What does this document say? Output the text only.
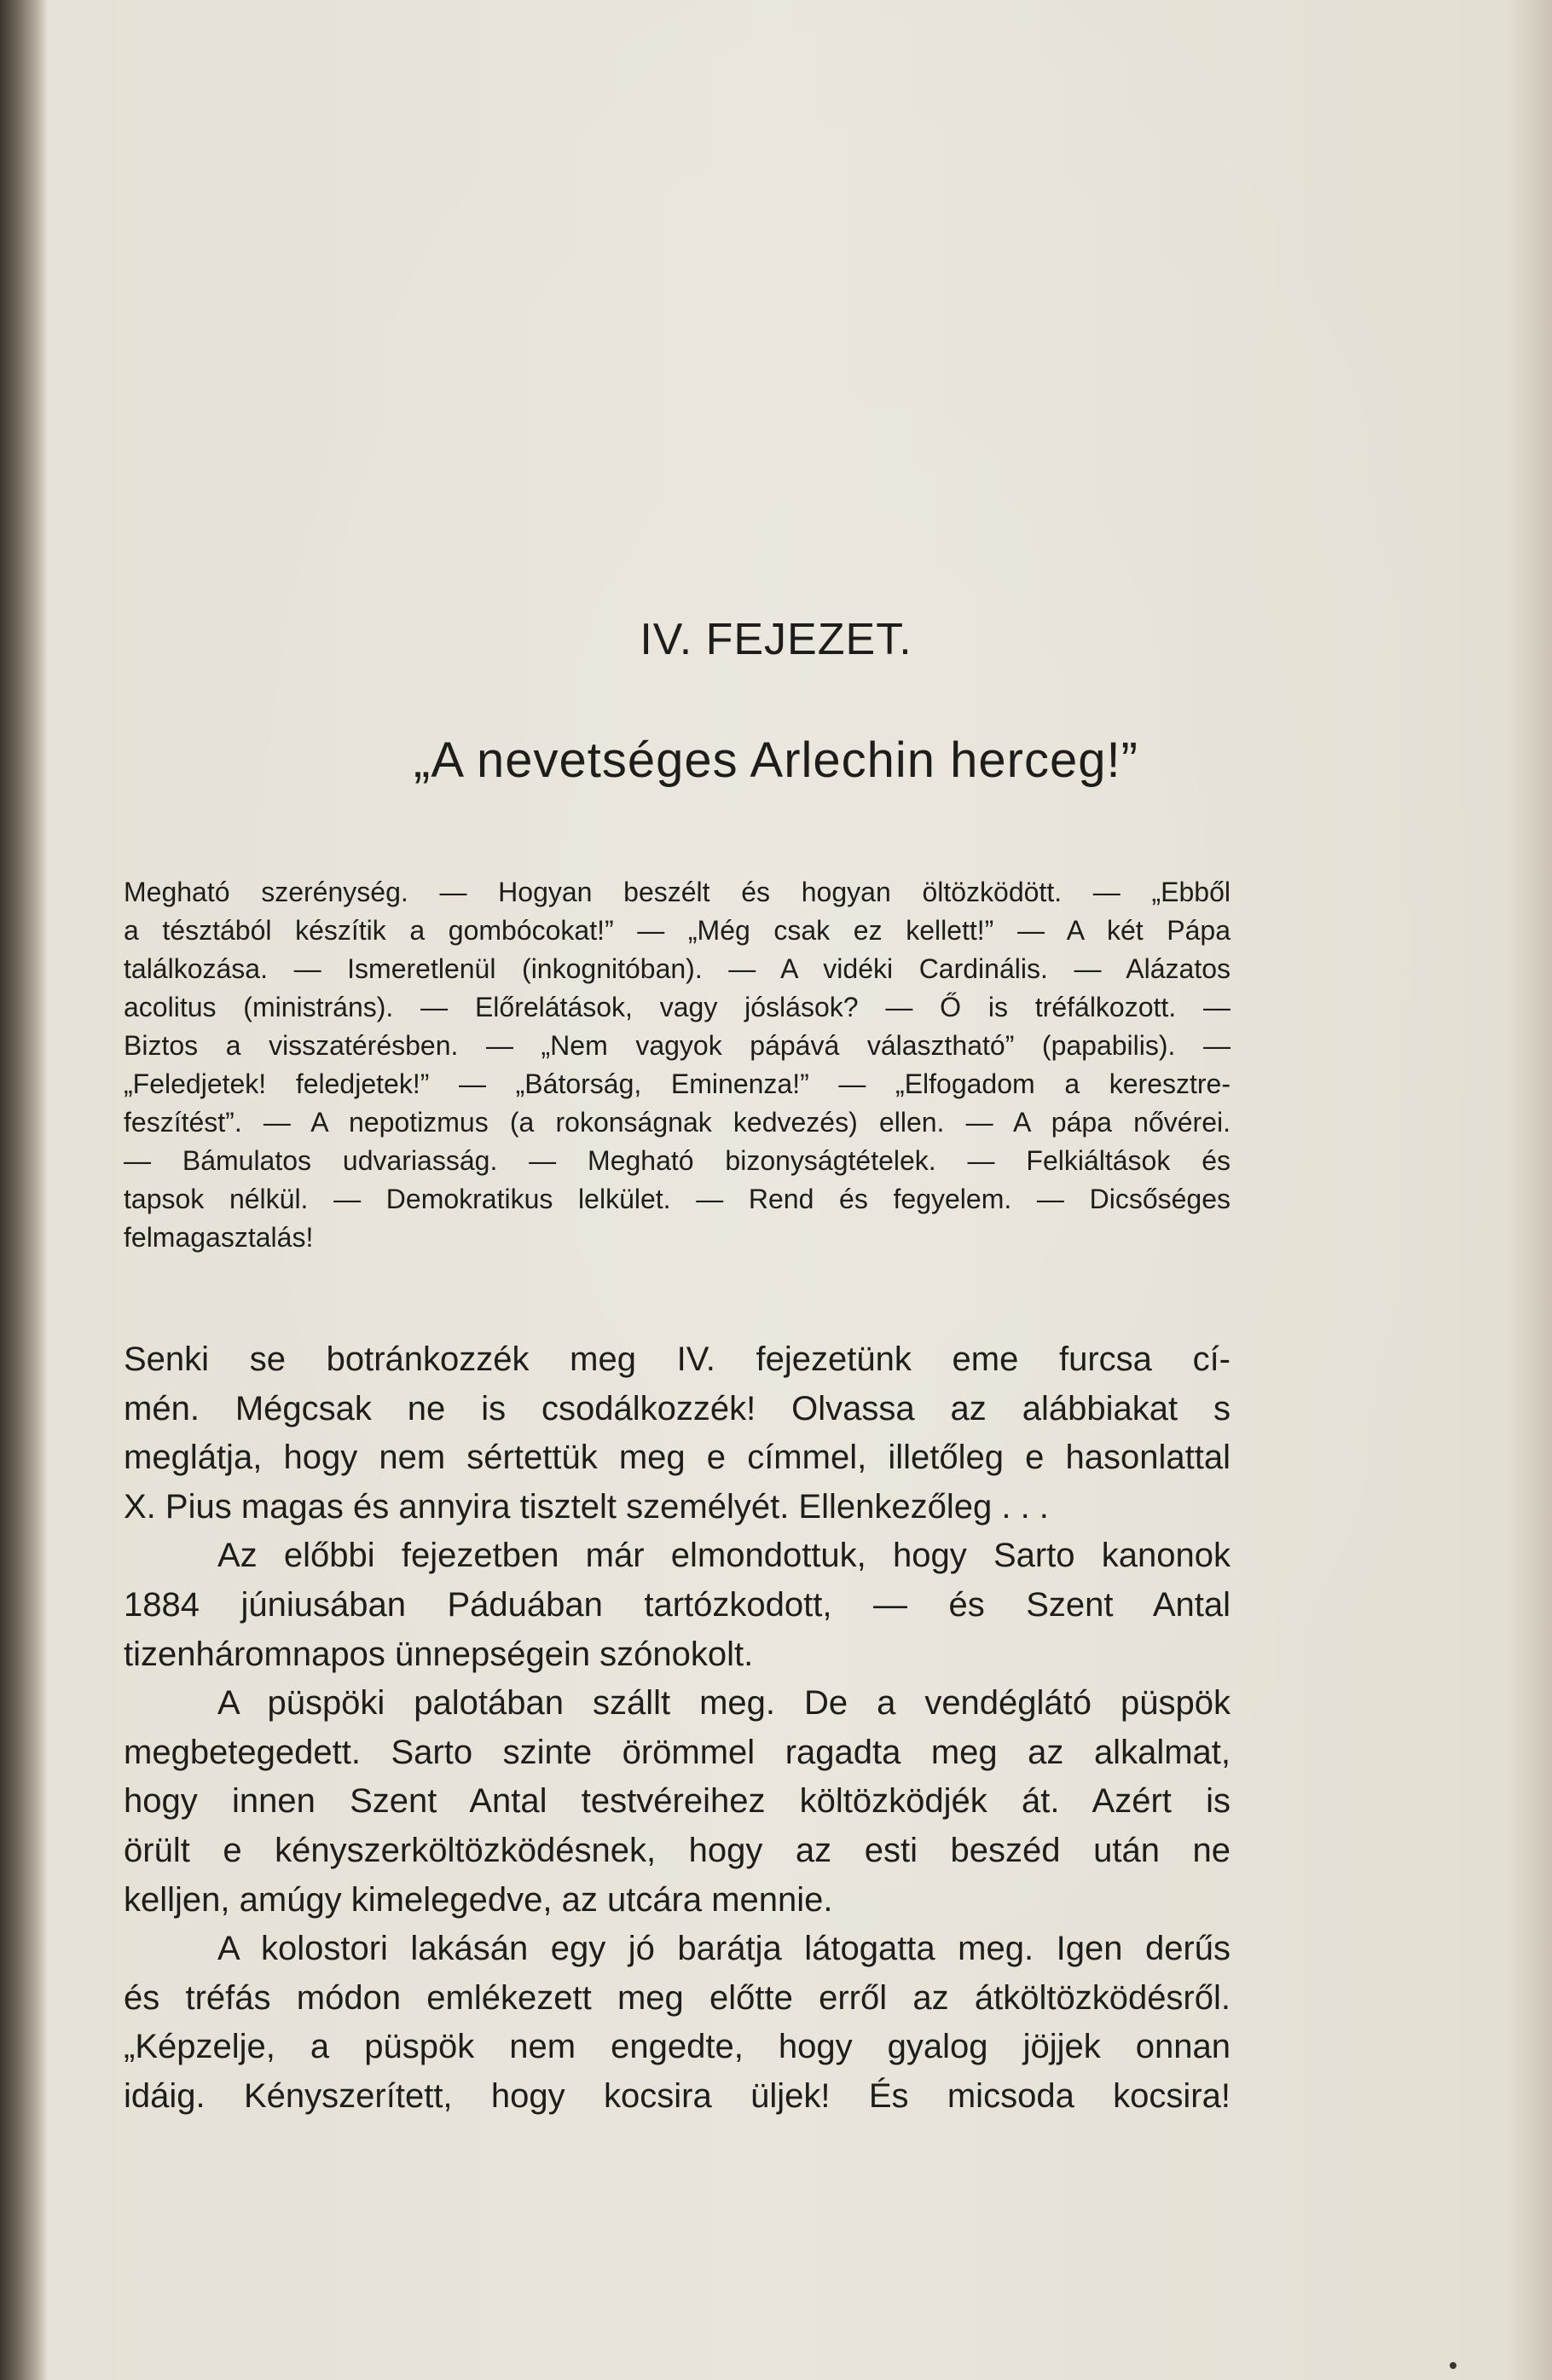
IV. FEJEZET.
„A nevetséges Arlechin herceg!”
Megható szerénység. — Hogyan beszélt és hogyan öltözködött. — „Ebből
a tésztából készítik a gombócokat!” — „Még csak ez kellett!” — A két Pápa
találkozása. — Ismeretlenül (inkognitóban). — A vidéki Cardinális. — Alázatos
acolitus (ministráns). — Előrelátások, vagy jóslások? — Ő is tréfálkozott. —
Biztos a visszatérésben. — „Nem vagyok pápává választható” (papabilis). —
„Feledjetek! feledjetek!” — „Bátorság, Eminenza!” — „Elfogadom a keresztre-
feszítést”. — A nepotizmus (a rokonságnak kedvezés) ellen. — A pápa nővérei.
— Bámulatos udvariasság. — Megható bizonyságtételek. — Felkiáltások és
tapsok nélkül. — Demokratikus lelkület. — Rend és fegyelem. — Dicsőséges
felmagasztalás!
Senki se botránkozzék meg IV. fejezetünk eme furcsa cí-
mén. Mégcsak ne is csodálkozzék! Olvassa az alábbiakat s
meglátja, hogy nem sértettük meg e címmel, illetőleg e hasonlattal
X. Pius magas és annyira tisztelt személyét. Ellenkezőleg . . .
Az előbbi fejezetben már elmondottuk, hogy Sarto kanonok
1884 júniusában Páduában tartózkodott, — és Szent Antal
tizenháromnapos ünnepségein szónokolt.
A püspöki palotában szállt meg. De a vendéglátó püspök
megbetegedett. Sarto szinte örömmel ragadta meg az alkalmat,
hogy innen Szent Antal testvéreihez költözködjék át. Azért is
örült e kényszerköltözködésnek, hogy az esti beszéd után ne
kelljen, amúgy kimelegedve, az utcára mennie.
A kolostori lakásán egy jó barátja látogatta meg. Igen derűs
és tréfás módon emlékezett meg előtte erről az átköltözködésről.
„Képzelje, a püspök nem engedte, hogy gyalog jöjjek onnan
idáig. Kényszerített, hogy kocsira üljek! És micsoda kocsira!
